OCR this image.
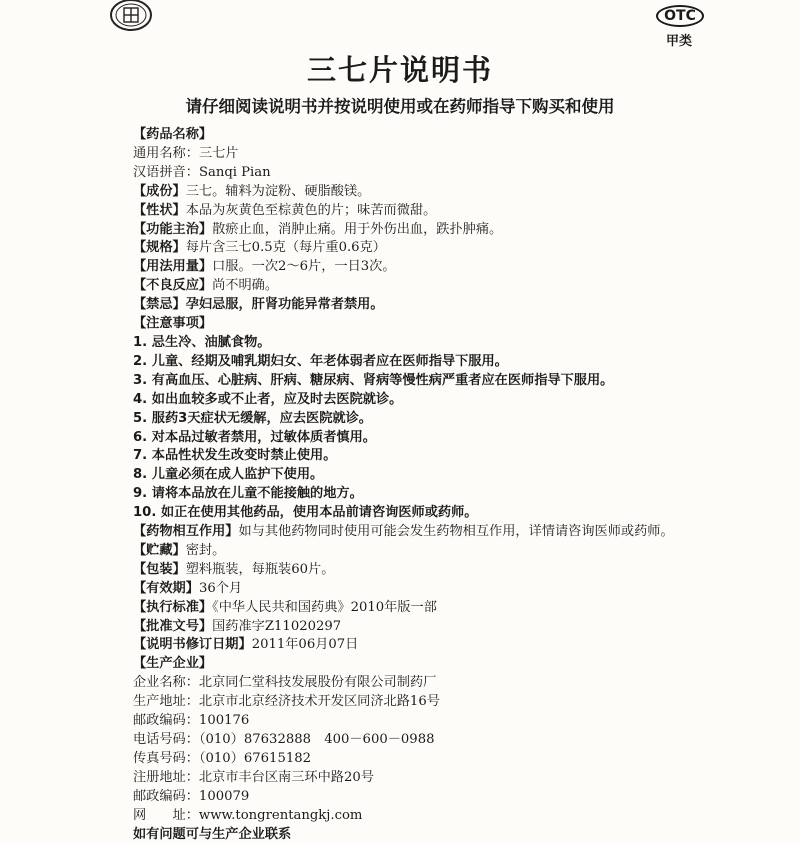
OTC
甲类
三七片说明书
请仔细阅读说明书并按说明使用或在药师指导下购买和使用
【药品名称】
通用名称：三七片
汉语拼音：Sanqi Pian
【成份】三七。辅料为淀粉、硬脂酸镁。
【性状】本品为灰黄色至棕黄色的片；味苦而微甜。
【功能主治】散瘀止血，消肿止痛。用于外伤出血，跌扑肿痛。
【规格】每片含三七0.5克（每片重0.6克）
【用法用量】口服。一次2～6片，一日3次。
【不良反应】尚不明确。
【禁忌】孕妇忌服，肝肾功能异常者禁用。
【注意事项】
1. 忌生冷、油腻食物。
2. 儿童、经期及哺乳期妇女、年老体弱者应在医师指导下服用。
3. 有高血压、心脏病、肝病、糖尿病、肾病等慢性病严重者应在医师指导下服用。
4. 如出血较多或不止者，应及时去医院就诊。
5. 服药3天症状无缓解，应去医院就诊。
6. 对本品过敏者禁用，过敏体质者慎用。
7. 本品性状发生改变时禁止使用。
8. 儿童必须在成人监护下使用。
9. 请将本品放在儿童不能接触的地方。
10. 如正在使用其他药品，使用本品前请咨询医师或药师。
【药物相互作用】如与其他药物同时使用可能会发生药物相互作用，详情请咨询医师或药师。
【贮藏】密封。
【包装】塑料瓶装，每瓶装60片。
【有效期】36个月
【执行标准】《中华人民共和国药典》2010年版一部
【批准文号】国药准字Z11020297
【说明书修订日期】2011年06月07日
【生产企业】
企业名称：北京同仁堂科技发展股份有限公司制药厂
生产地址：北京市北京经济技术开发区同济北路16号
邮政编码：100176
电话号码：（010）87632888　400－600－0988
传真号码：（010）67615182
注册地址：北京市丰台区南三环中路20号
邮政编码：100079
网　　址：www.tongrentangkj.com
如有问题可与生产企业联系
